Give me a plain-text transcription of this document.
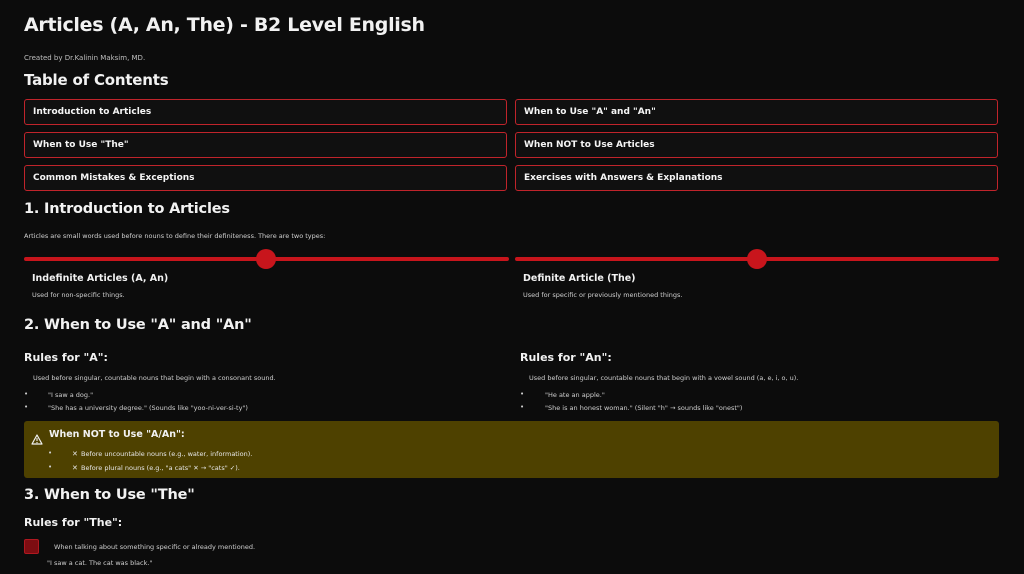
Articles (A, An, The) - B2 Level English
Created by Dr.Kalinin Maksim, MD.
Table of Contents
Introduction to Articles	When to Use "A" and "An"
When to Use "The"	When NOT to Use Articles
Common Mistakes & Exceptions	Exercises with Answers & Explanations
1. Introduction to Articles
Articles are small words used before nouns to define their definiteness. There are two types:
Indefinite Articles (A, An)
Used for non-specific things.
Definite Article (The)
Used for specific or previously mentioned things.
2. When to Use "A" and "An"
Rules for "A":
Used before singular, countable nouns that begin with a consonant sound.
•	"I saw a dog."
•	"She has a university degree." (Sounds like "yoo-ni-ver-si-ty")
Rules for "An":
Used before singular, countable nouns that begin with a vowel sound (a, e, i, o, u).
•	"He ate an apple."
•	"She is an honest woman." (Silent "h" → sounds like "onest")
When NOT to Use "A/An":
•	✕ Before uncountable nouns (e.g., water, information).
•	✕ Before plural nouns (e.g., "a cats" ✕ → "cats" ✓).
3. When to Use "The"
Rules for "The":
When talking about something specific or already mentioned.
"I saw a cat. The cat was black."
